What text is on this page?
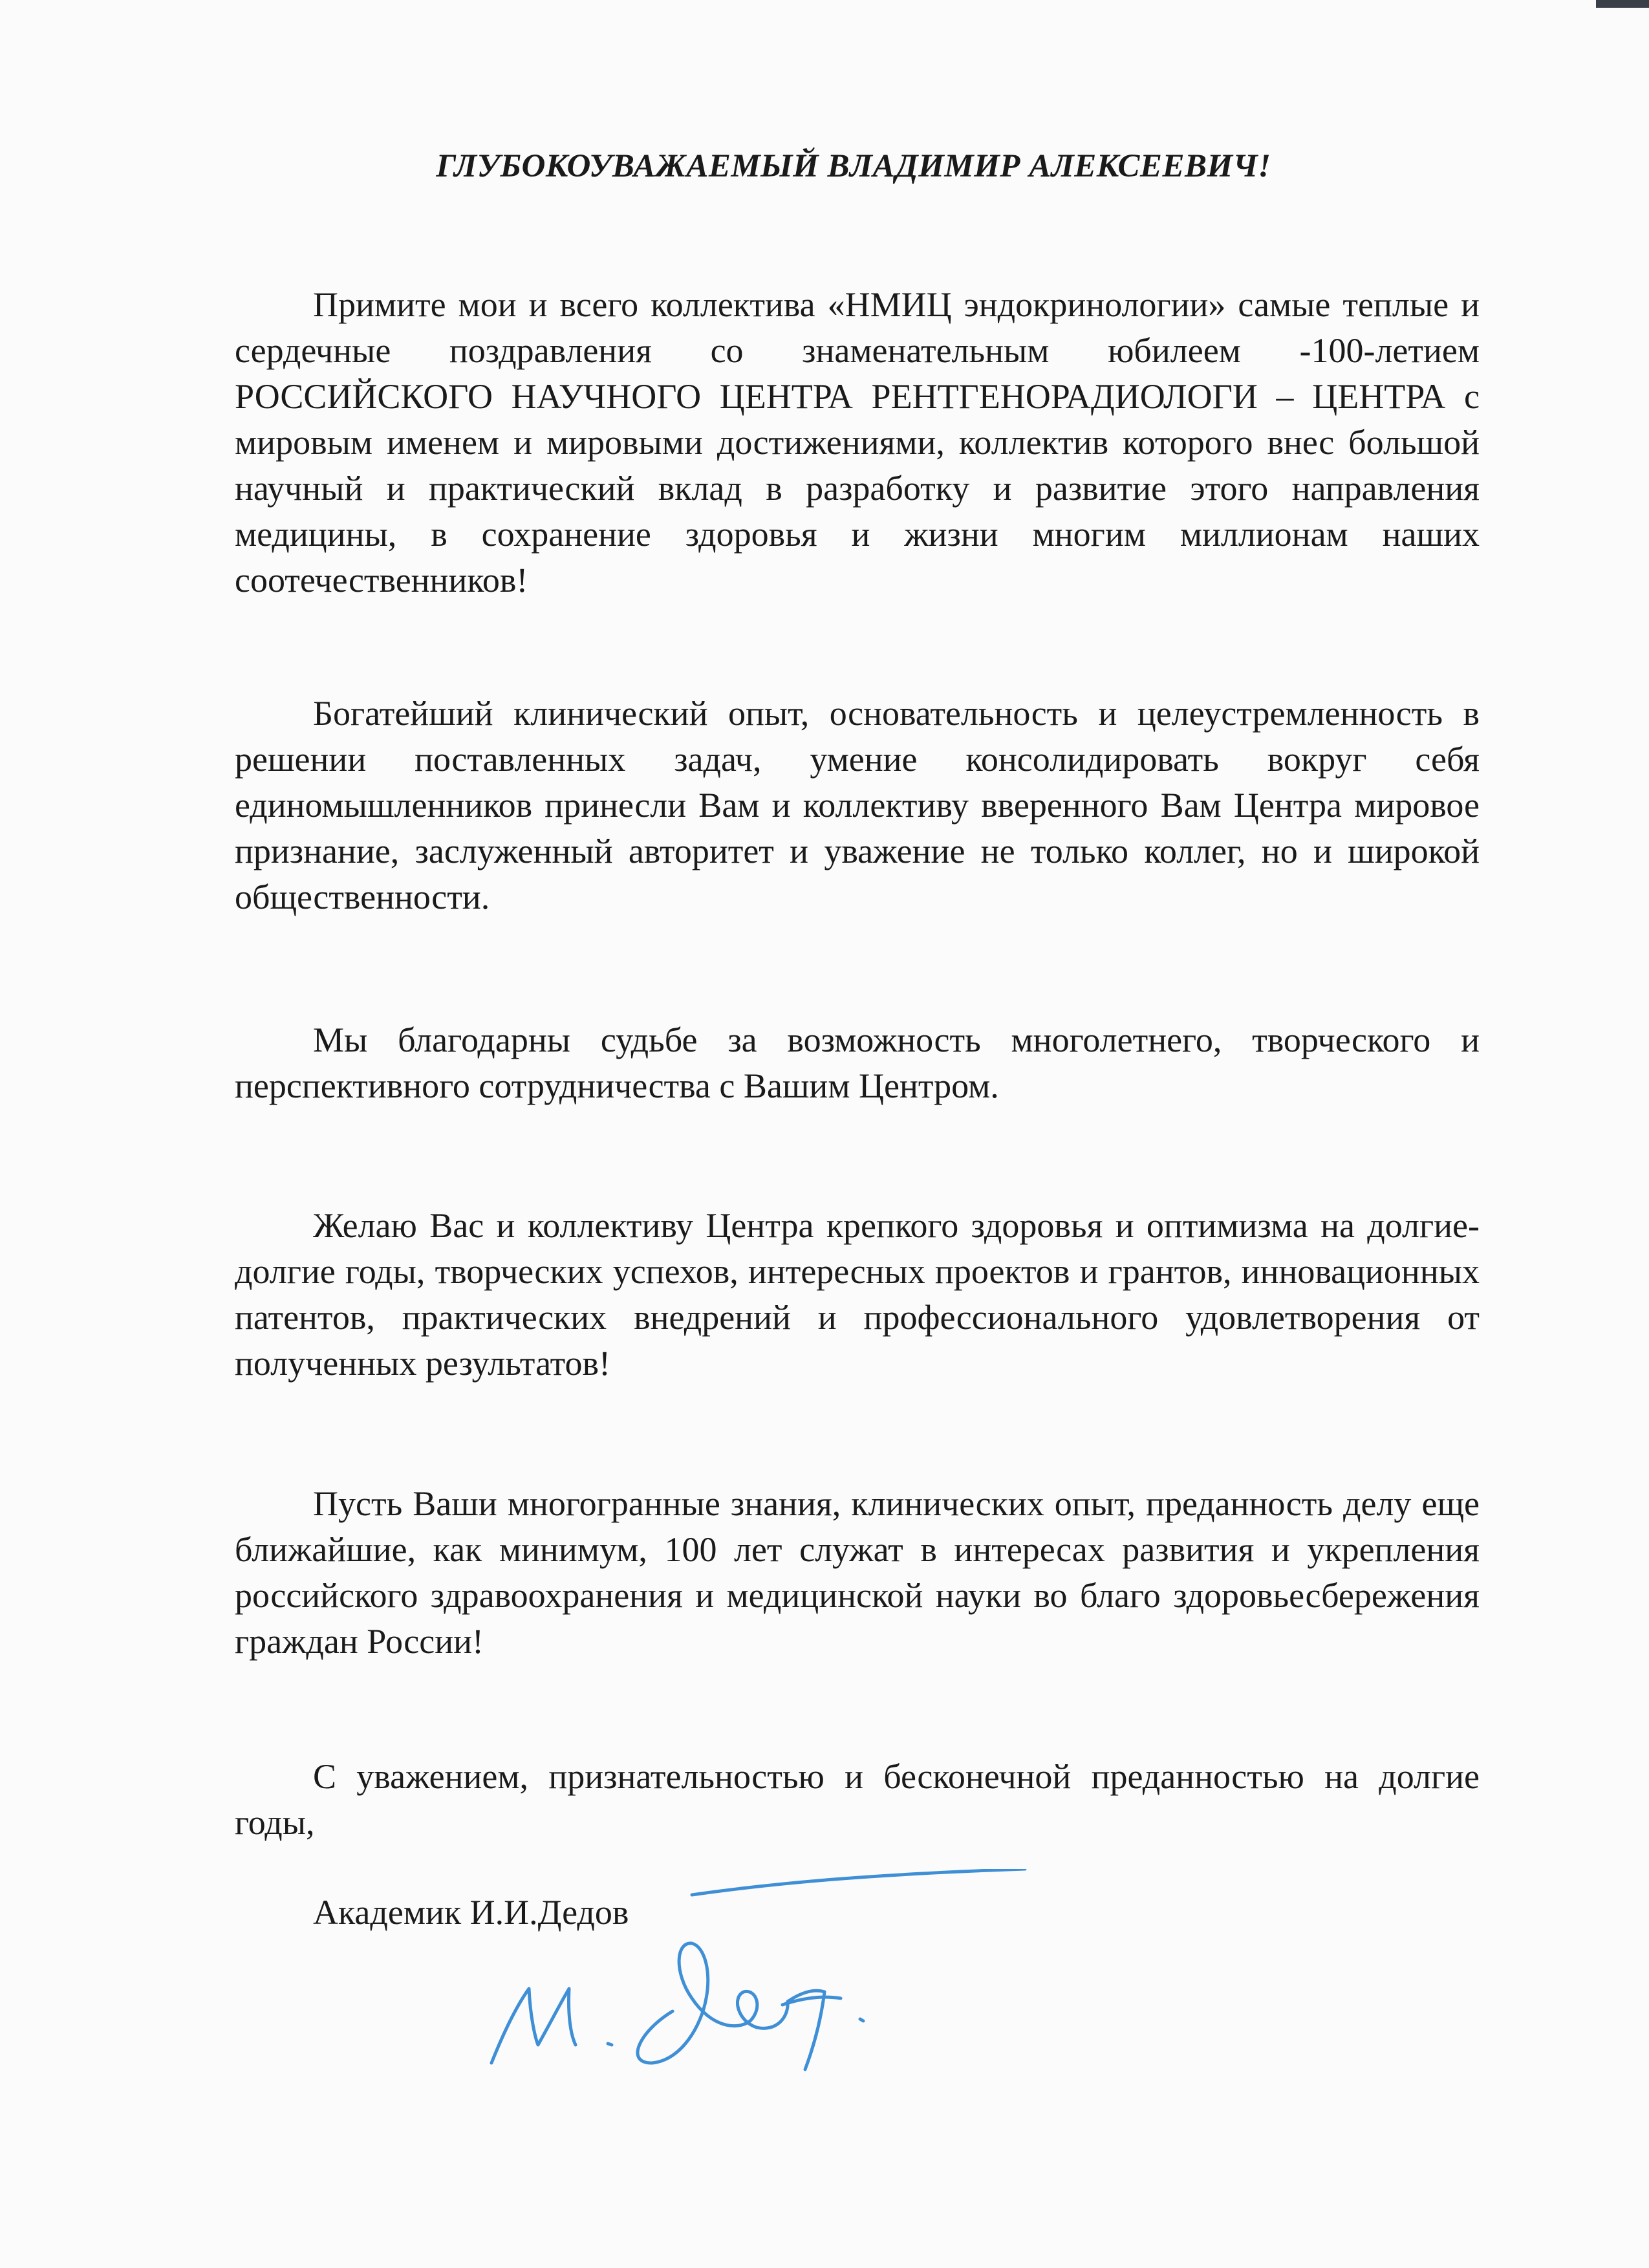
ГЛУБОКОУВАЖАЕМЫЙ ВЛАДИМИР АЛЕКСЕЕВИЧ!

Примите мои и всего коллектива «НМИЦ эндокринологии» самые теплые и сердечные поздравления со знаменательным юбилеем -100-летием РОССИЙСКОГО НАУЧНОГО ЦЕНТРА РЕНТГЕНОРАДИОЛОГИ – ЦЕНТРА с мировым именем и мировыми достижениями, коллектив которого внес большой научный и практический вклад в разработку и развитие этого направления медицины, в сохранение здоровья и жизни многим миллионам наших соотечественников!

Богатейший клинический опыт, основательность и целеустремленность в решении поставленных задач, умение консолидировать вокруг себя единомышленников принесли Вам и коллективу вверенного Вам Центра мировое признание, заслуженный авторитет и уважение не только коллег, но и широкой общественности.

Мы благодарны судьбе за возможность многолетнего, творческого и перспективного сотрудничества с Вашим Центром.

Желаю Вас и коллективу Центра крепкого здоровья и оптимизма на долгие-долгие годы, творческих успехов, интересных проектов и грантов, инновационных патентов, практических внедрений и профессионального удовлетворения от полученных результатов!

Пусть Ваши многогранные знания, клинических опыт, преданность делу еще ближайшие, как минимум, 100 лет служат в интересах развития и укрепления российского здравоохранения и медицинской науки во благо здоровьесбережения граждан России!

С уважением, признательностью и бесконечной преданностью на долгие годы,

Академик И.И.Дедов
